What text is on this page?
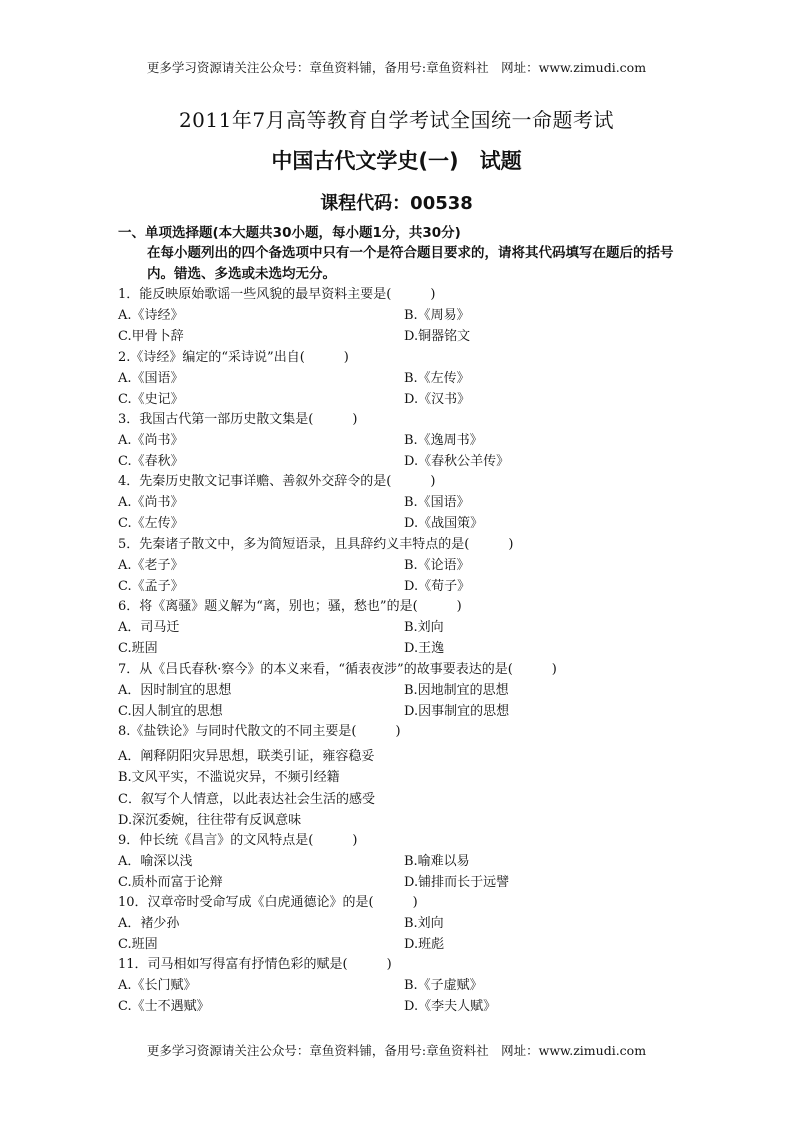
更多学习资源请关注公众号：章鱼资料铺，备用号:章鱼资料社　网址：www.zimudi.com
2011年7月高等教育自学考试全国统一命题考试
中国古代文学史(一)　试题
课程代码：00538
一、单项选择题(本大题共30小题，每小题1分，共30分)
在每小题列出的四个备选项中只有一个是符合题目要求的，请将其代码填写在题后的括号内。错选、多选或未选均无分。
1．能反映原始歌谣一些风貌的最早资料主要是(　　　)
A.《诗经》	B.《周易》
C.甲骨卜辞	D.铜器铭文
2.《诗经》编定的“采诗说”出自(　　　)
A.《国语》	B.《左传》
C.《史记》	D.《汉书》
3．我国古代第一部历史散文集是(　　　)
A.《尚书》	B.《逸周书》
C.《春秋》	D.《春秋公羊传》
4．先秦历史散文记事详赡、善叙外交辞令的是(　　　)
A.《尚书》	B.《国语》
C.《左传》	D.《战国策》
5．先秦诸子散文中，多为简短语录，且具辞约义丰特点的是(　　　)
A.《老子》	B.《论语》
C.《孟子》	D.《荀子》
6．将《离骚》题义解为“离，别也；骚，愁也”的是(　　　)
A．司马迁	B.刘向
C.班固	D.王逸
7．从《吕氏春秋·察今》的本义来看，“循表夜涉”的故事要表达的是(　　　)
A．因时制宜的思想	B.因地制宜的思想
C.因人制宜的思想	D.因事制宜的思想
8.《盐铁论》与同时代散文的不同主要是(　　　)
A．阐释阴阳灾异思想，联类引证，雍容稳妥
B.文风平实，不滥说灾异，不频引经籍
C．叙写个人情意，以此表达社会生活的感受
D.深沉委婉，往往带有反讽意味
9．仲长统《昌言》的文风特点是(　　　)
A．喻深以浅	B.喻难以易
C.质朴而富于论辩	D.铺排而长于远譬
10．汉章帝时受命写成《白虎通德论》的是(　　　)
A．褚少孙	B.刘向
C.班固	D.班彪
11．司马相如写得富有抒情色彩的赋是(　　　)
A.《长门赋》	B.《子虚赋》
C.《士不遇赋》	D.《李夫人赋》
更多学习资源请关注公众号：章鱼资料铺，备用号:章鱼资料社　网址：www.zimudi.com
